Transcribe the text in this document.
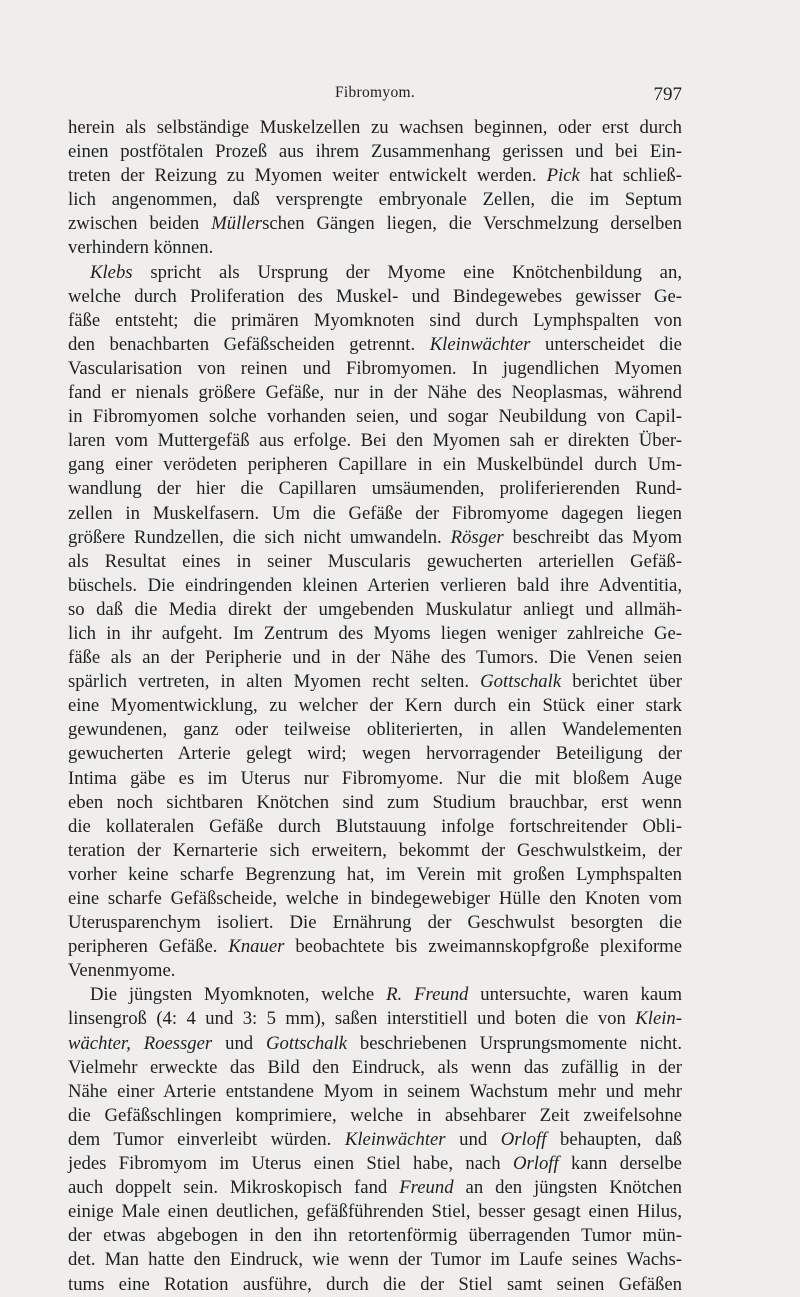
Fibromyom.	797
herein als selbständige Muskelzellen zu wachsen beginnen, oder erst durch
einen postfötalen Prozeß aus ihrem Zusammenhang gerissen und bei Ein-
treten der Reizung zu Myomen weiter entwickelt werden. Pick hat schließ-
lich angenommen, daß versprengte embryonale Zellen, die im Septum
zwischen beiden Müllerschen Gängen liegen, die Verschmelzung derselben
verhindern können.
Klebs spricht als Ursprung der Myome eine Knötchenbildung an,
welche durch Proliferation des Muskel- und Bindegewebes gewisser Ge-
fäße entsteht; die primären Myomknoten sind durch Lymphspalten von
den benachbarten Gefäßscheiden getrennt. Kleinwächter unterscheidet die
Vascularisation von reinen und Fibromyomen. In jugendlichen Myomen
fand er nienals größere Gefäße, nur in der Nähe des Neoplasmas, während
in Fibromyomen solche vorhanden seien, und sogar Neubildung von Capil-
laren vom Muttergefäß aus erfolge. Bei den Myomen sah er direkten Über-
gang einer verödeten peripheren Capillare in ein Muskelbündel durch Um-
wandlung der hier die Capillaren umsäumenden, proliferierenden Rund-
zellen in Muskelfasern. Um die Gefäße der Fibromyome dagegen liegen
größere Rundzellen, die sich nicht umwandeln. Rösger beschreibt das Myom
als Resultat eines in seiner Muscularis gewucherten arteriellen Gefäß-
büschels. Die eindringenden kleinen Arterien verlieren bald ihre Adventitia,
so daß die Media direkt der umgebenden Muskulatur anliegt und allmäh-
lich in ihr aufgeht. Im Zentrum des Myoms liegen weniger zahlreiche Ge-
fäße als an der Peripherie und in der Nähe des Tumors. Die Venen seien
spärlich vertreten, in alten Myomen recht selten. Gottschalk berichtet über
eine Myomentwicklung, zu welcher der Kern durch ein Stück einer stark
gewundenen, ganz oder teilweise obliterierten, in allen Wandelementen
gewucherten Arterie gelegt wird; wegen hervorragender Beteiligung der
Intima gäbe es im Uterus nur Fibromyome. Nur die mit bloßem Auge
eben noch sichtbaren Knötchen sind zum Studium brauchbar, erst wenn
die kollateralen Gefäße durch Blutstauung infolge fortschreitender Obli-
teration der Kernarterie sich erweitern, bekommt der Geschwulstkeim, der
vorher keine scharfe Begrenzung hat, im Verein mit großen Lymphspalten
eine scharfe Gefäßscheide, welche in bindegewebiger Hülle den Knoten vom
Uterusparenchym isoliert. Die Ernährung der Geschwulst besorgten die
peripheren Gefäße. Knauer beobachtete bis zweimannskopfgroße plexiforme
Venenmyome.
Die jüngsten Myomknoten, welche R. Freund untersuchte, waren kaum
linsengroß (4: 4 und 3: 5 mm), saßen interstitiell und boten die von Klein-
wächter, Roessger und Gottschalk beschriebenen Ursprungsmomente nicht.
Vielmehr erweckte das Bild den Eindruck, als wenn das zufällig in der
Nähe einer Arterie entstandene Myom in seinem Wachstum mehr und mehr
die Gefäßschlingen komprimiere, welche in absehbarer Zeit zweifelsohne
dem Tumor einverleibt würden. Kleinwächter und Orloff behaupten, daß
jedes Fibromyom im Uterus einen Stiel habe, nach Orloff kann derselbe
auch doppelt sein. Mikroskopisch fand Freund an den jüngsten Knötchen
einige Male einen deutlichen, gefäßführenden Stiel, besser gesagt einen Hilus,
der etwas abgebogen in den ihn retortenförmig überragenden Tumor mün-
det. Man hatte den Eindruck, wie wenn der Tumor im Laufe seines Wachs-
tums eine Rotation ausführe, durch die der Stiel samt seinen Gefäßen
